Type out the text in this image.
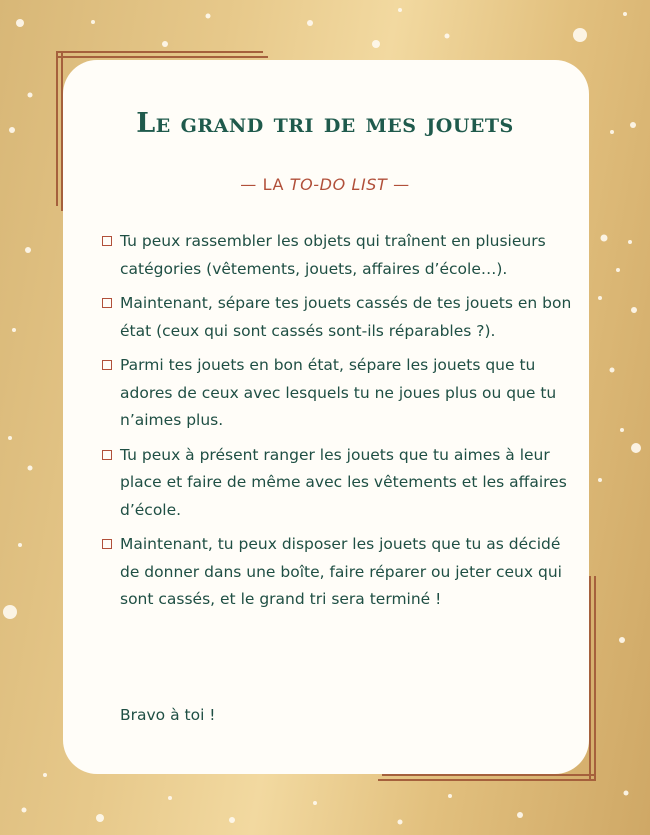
Le grand tri de mes jouets

— LA TO-DO LIST —

Tu peux rassembler les objets qui traînent en plusieurs catégories (vêtements, jouets, affaires d’école…).
Maintenant, sépare tes jouets cassés de tes jouets en bon état (ceux qui sont cassés sont-ils réparables ?).
Parmi tes jouets en bon état, sépare les jouets que tu adores de ceux avec lesquels tu ne joues plus ou que tu n’aimes plus.
Tu peux à présent ranger les jouets que tu aimes à leur place et faire de même avec les vêtements et les affaires d’école.
Maintenant, tu peux disposer les jouets que tu as décidé de donner dans une boîte, faire réparer ou jeter ceux qui sont cassés, et le grand tri sera terminé !

Bravo à toi !
